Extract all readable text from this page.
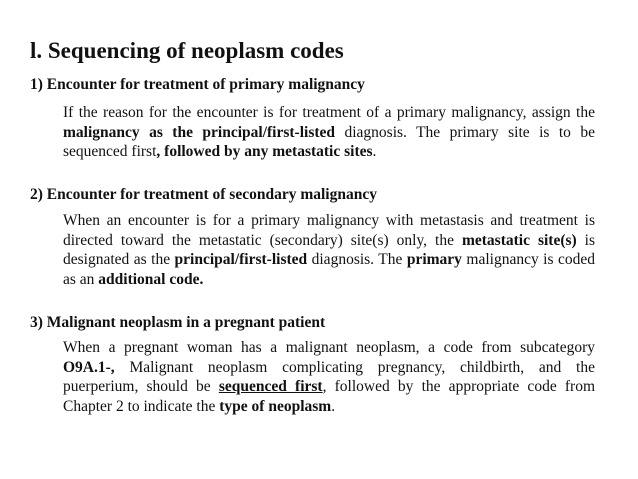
l. Sequencing of neoplasm codes
1) Encounter for treatment of primary malignancy
If the reason for the encounter is for treatment of a primary malignancy, assign the malignancy as the principal/first-listed diagnosis. The primary site is to be sequenced first, followed by any metastatic sites.
2) Encounter for treatment of secondary malignancy
When an encounter is for a primary malignancy with metastasis and treatment is directed toward the metastatic (secondary) site(s) only, the metastatic site(s) is designated as the principal/first-listed diagnosis. The primary malignancy is coded as an additional code.
3) Malignant neoplasm in a pregnant patient
When a pregnant woman has a malignant neoplasm, a code from subcategory O9A.1-, Malignant neoplasm complicating pregnancy, childbirth, and the puerperium, should be sequenced first, followed by the appropriate code from Chapter 2 to indicate the type of neoplasm.
